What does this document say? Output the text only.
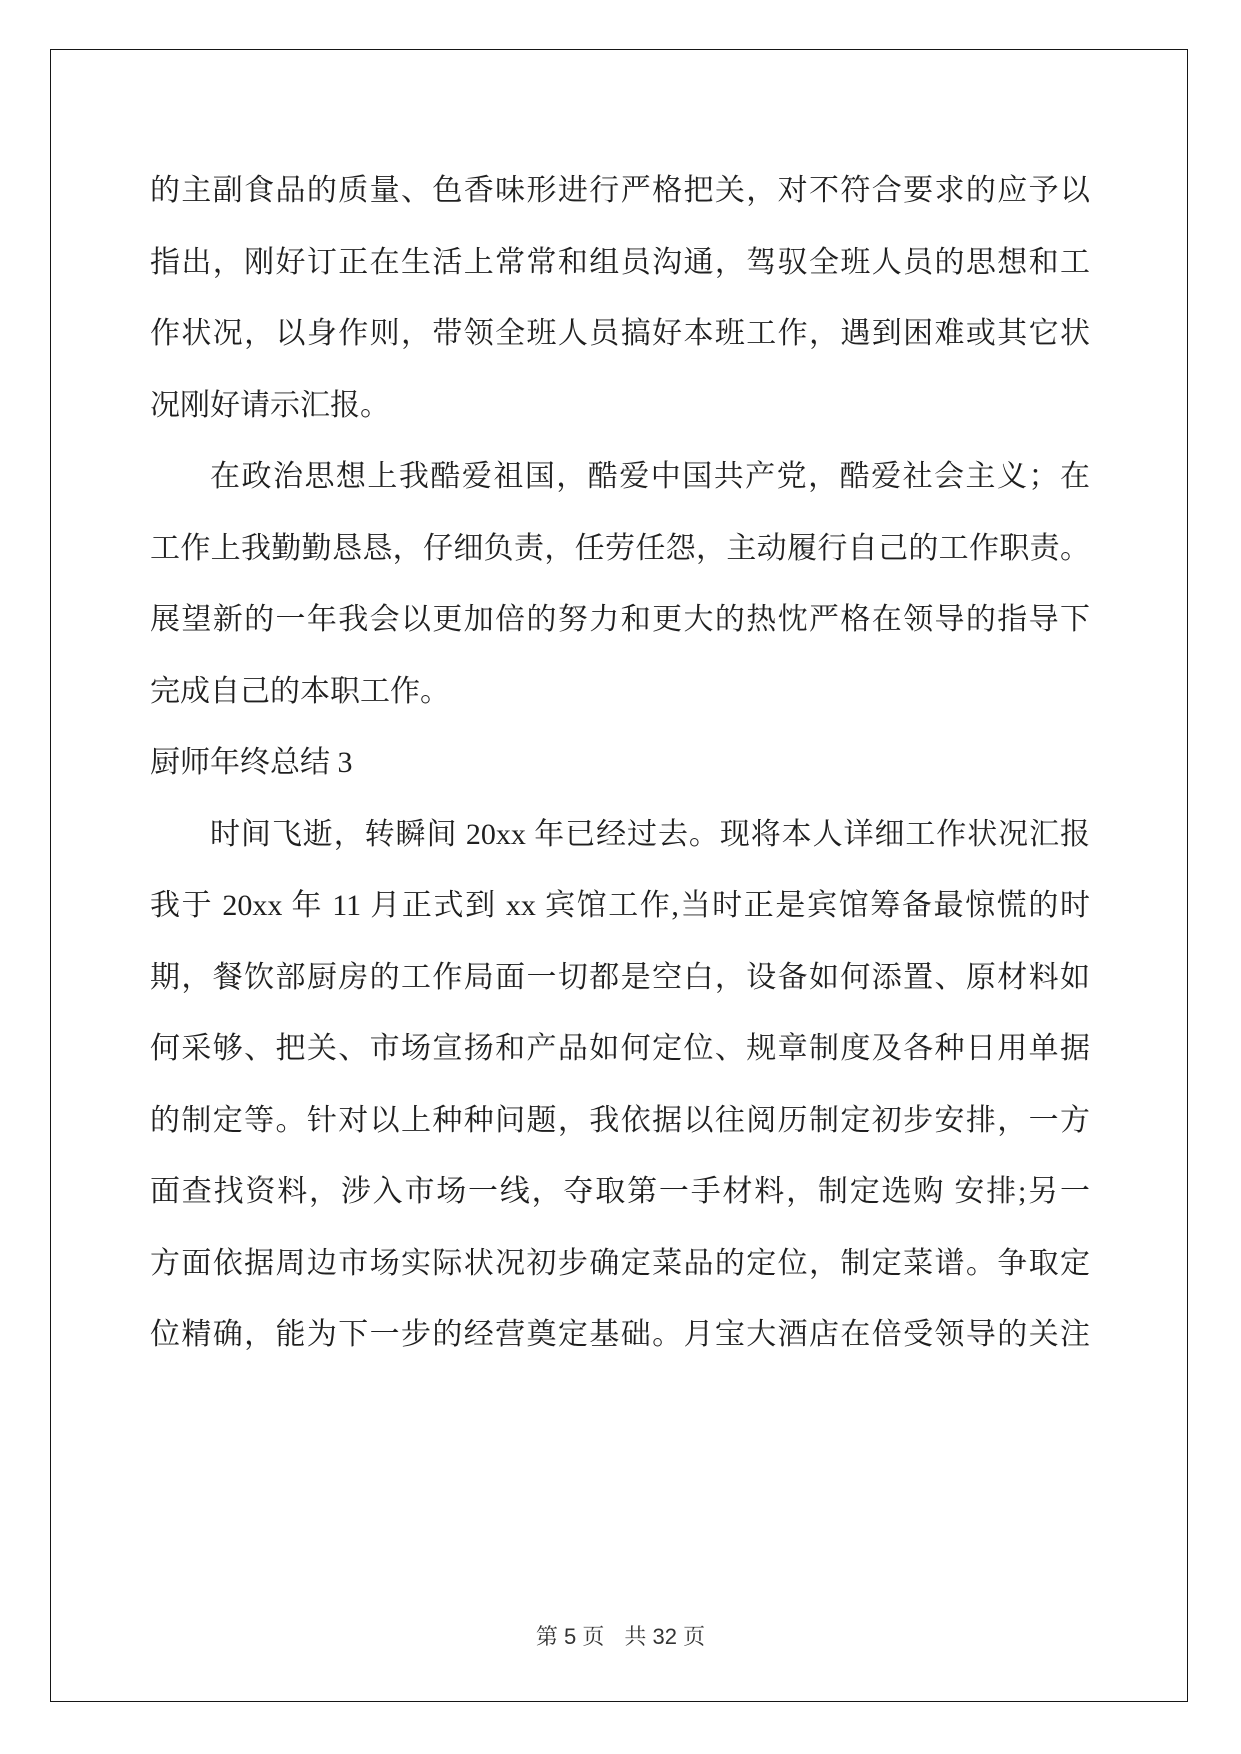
的主副食品的质量、色香味形进行严格把关，对不符合要求的应予以
指出，刚好订正在生活上常常和组员沟通，驾驭全班人员的思想和工
作状况，以身作则，带领全班人员搞好本班工作，遇到困难或其它状
况刚好请示汇报。
在政治思想上我酷爱祖国，酷爱中国共产党，酷爱社会主义；在
工作上我勤勤恳恳，仔细负责，任劳任怨，主动履行自己的工作职责。
展望新的一年我会以更加倍的努力和更大的热忱严格在领导的指导下
完成自己的本职工作。
厨师年终总结 3
时间飞逝，转瞬间 20xx 年已经过去。现将本人详细工作状况汇报
我于 20xx 年 11 月正式到 xx 宾馆工作,当时正是宾馆筹备最惊慌的时
期，餐饮部厨房的工作局面一切都是空白，设备如何添置、原材料如
何采够、把关、市场宣扬和产品如何定位、规章制度及各种日用单据
的制定等。针对以上种种问题，我依据以往阅历制定初步安排，一方
面查找资料，涉入市场一线，夺取第一手材料，制定选购 安排;另一
方面依据周边市场实际状况初步确定菜品的定位，制定菜谱。争取定
位精确，能为下一步的经营奠定基础。月宝大酒店在倍受领导的关注
第 5 页 共 32 页
